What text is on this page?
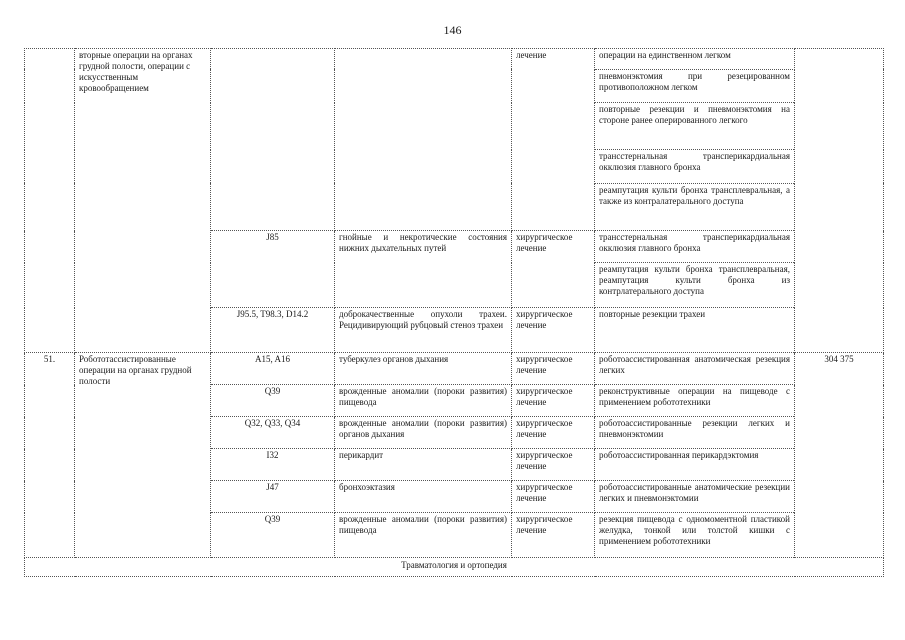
146
	вторные операции на органах грудной полости, операции с искусственным кровообращением			лечение	операции на единственном легком	
					пневмонэктомия при резецированном противоположном легком	
					повторные резекции и пневмонэктомия на стороне ранее оперированного легкого	
					трансстернальная трансперикардиальная окклюзия главного бронха	
					реампутация культи бронха трансплевральная, а также из контралатерального доступа	
		J85	гнойные и некротические состояния нижних дыхательных путей	хирургическое лечение	трансстернальная трансперикардиальная окклюзия главного бронха	
					реампутация культи бронха трансплевральная, реампутация культи бронха из контрлатерального доступа	
		J95.5, T98.3, D14.2	доброкачественные опухоли трахеи. Рецидивирующий рубцовый стеноз трахеи	хирургическое лечение	повторные резекции трахеи	
51.	Робототассистированные операции на органах грудной полости	A15, A16	туберкулез органов дыхания	хирургическое лечение	роботоассистированная анатомическая резекция легких	304 375
		Q39	врожденные аномалии (пороки развития) пищевода	хирургическое лечение	реконструктивные операции на пищеводе с применением робототехники	
		Q32, Q33, Q34	врожденные аномалии (пороки развития) органов дыхания	хирургическое лечение	роботоассистированные резекции легких и пневмонэктомии	
		I32	перикардит	хирургическое лечение	роботоассистированная перикардэктомия	
		J47	бронхоэктазия	хирургическое лечение	роботоассистированные анатомические резекции легких и пневмонэктомии	
		Q39	врожденные аномалии (пороки развития) пищевода	хирургическое лечение	резекция пищевода с одномоментной пластикой желудка, тонкой или толстой кишки с применением робототехники	
Травматология и ортопедия						
